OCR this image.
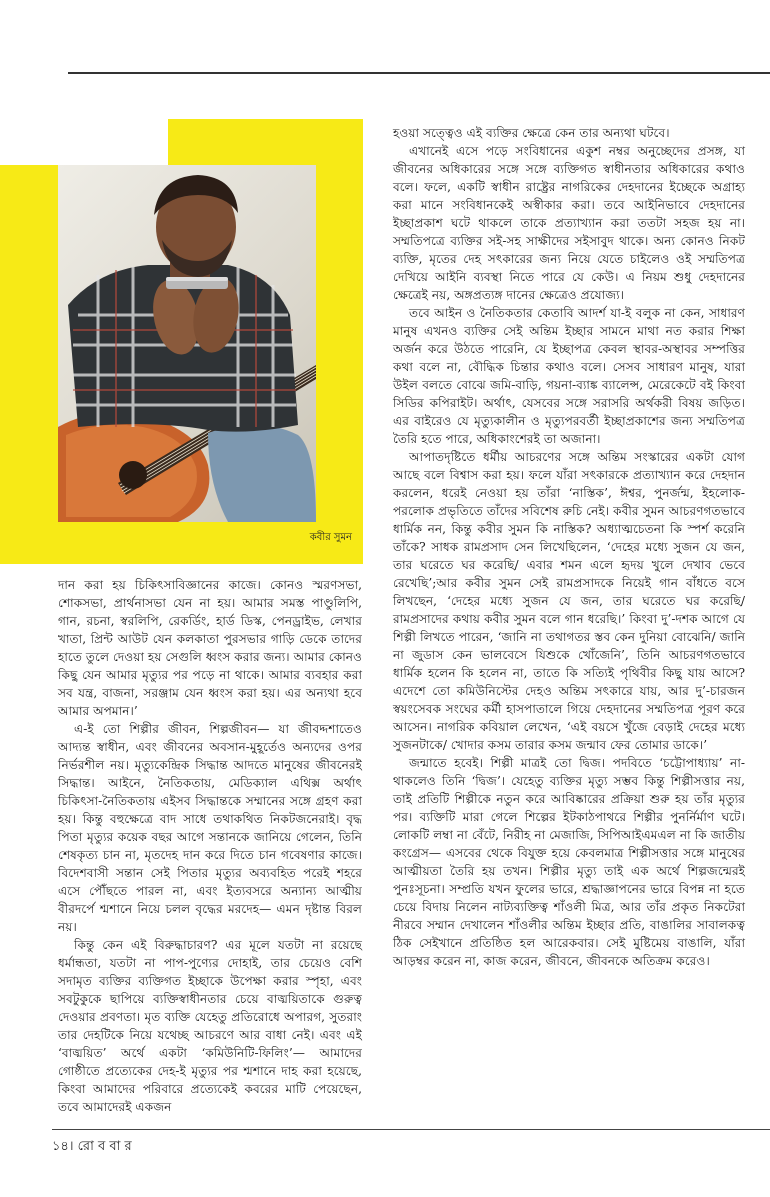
কবীর সুমন

হওয়া সত্ত্বেও এই ব্যক্তির ক্ষেত্রে কেন তার অন্যথা ঘটবে।

এখানেই এসে পড়ে সংবিধানের একুশ নম্বর অনুচ্ছেদের প্রসঙ্গ, যা জীবনের অধিকারের সঙ্গে সঙ্গে ব্যক্তিগত স্বাধীনতার অধিকারের কথাও বলে। ফলে, একটি স্বাধীন রাষ্ট্রের নাগরিকের দেহদানের ইচ্ছেকে অগ্রাহ্য করা মানে সংবিধানকেই অস্বীকার করা। তবে আইনিভাবে দেহদানের ইচ্ছাপ্রকাশ ঘটে থাকলে তাকে প্রত্যাখ্যান করা ততটা সহজ হয় না। সম্মতিপত্রে ব্যক্তির সই-সহ সাক্ষীদের সইসাবুদ থাকে। অন্য কোনও নিকট ব্যক্তি, মৃতের দেহ সৎকারের জন্য নিয়ে যেতে চাইলেও ওই সম্মতিপত্র দেখিয়ে আইনি ব্যবস্থা নিতে পারে যে কেউ। এ নিয়ম শুধু দেহদানের ক্ষেত্রেই নয়, অঙ্গপ্রত্যঙ্গ দানের ক্ষেত্রেও প্রযোজ্য।

তবে আইন ও নৈতিকতার কেতাবি আদর্শ যা-ই বলুক না কেন, সাধারণ মানুষ এখনও ব্যক্তির সেই অন্তিম ইচ্ছার সামনে মাথা নত করার শিক্ষা অর্জন করে উঠতে পারেনি, যে ইচ্ছাপত্র কেবল স্থাবর-অস্থাবর সম্পত্তির কথা বলে না, বৌদ্ধিক চিন্তার কথাও বলে। সেসব সাধারণ মানুষ, যারা উইল বলতে বোঝে জমি-বাড়ি, গয়না-ব্যাঙ্ক ব্যালেন্স, মেরেকেটে বই কিংবা সিডির কপিরাইট। অর্থাৎ, যেসবের সঙ্গে সরাসরি অর্থকরী বিষয় জড়িত। এর বাইরেও যে মৃত্যুকালীন ও মৃত্যুপরবর্তী ইচ্ছাপ্রকাশের জন্য সম্মতিপত্র তৈরি হতে পারে, অধিকাংশেরই তা অজানা।

আপাতদৃষ্টিতে ধর্মীয় আচরণের সঙ্গে অন্তিম সংস্কারের একটা যোগ আছে বলে বিশ্বাস করা হয়। ফলে যাঁরা সৎকারকে প্রত্যাখ্যান করে দেহদান করলেন, ধরেই নেওয়া হয় তাঁরা ‘নাস্তিক’, ঈশ্বর, পুনর্জন্ম, ইহলোক-পরলোক প্রভৃতিতে তাঁদের সবিশেষ রুচি নেই। কবীর সুমন আচরণগতভাবে ধার্মিক নন, কিন্তু কবীর সুমন কি নাস্তিক? অধ্যাত্মচেতনা কি স্পর্শ করেনি তাঁকে? সাধক রামপ্রসাদ সেন লিখেছিলেন, ‘দেহের মধ্যে সুজন যে জন, তার ঘরেতে ঘর করেছি/ এবার শমন এলে হৃদয় খুলে দেখাব ভেবে রেখেছি’;আর কবীর সুমন সেই রামপ্রসাদকে নিয়েই গান বাঁধতে বসে লিখছেন, ‘দেহের মধ্যে সুজন যে জন, তার ঘরেতে ঘর করেছি/ রামপ্রসাদের কথায় কবীর সুমন বলে গান ধরেছি।’ কিংবা দু’-দশক আগে যে শিল্পী লিখতে পারেন, ‘জানি না তথাগতর স্তব কেন দুনিয়া বোঝেনি/ জানি না জুডাস কেন ভালবেসে যিশুকে খোঁজেনি’, তিনি আচরণগতভাবে ধার্মিক হলেন কি হলেন না, তাতে কি সত্যিই পৃথিবীর কিছু যায় আসে? এদেশে তো কমিউনিস্টের দেহও অন্তিম সৎকারে যায়, আর দু’-চারজন স্বয়ংসেবক সংঘের কর্মী হাসপাতালে গিয়ে দেহদানের সম্মতিপত্র পূরণ করে আসেন। নাগরিক কবিয়াল লেখেন, ‘এই বয়সে খুঁজে বেড়াই দেহের মধ্যে সুজনটাকে/ খোদার কসম তারার কসম জন্মাব ফের তোমার ডাকে।’

জন্মাতে হবেই। শিল্পী মাত্রই তো দ্বিজ। পদবিতে ‘চট্টোপাধ্যায়’ না-থাকলেও তিনি ‘দ্বিজ’। যেহেতু ব্যক্তির মৃত্যু সম্ভব কিন্তু শিল্পীসত্তার নয়, তাই প্রতিটি শিল্পীকে নতুন করে আবিষ্কারের প্রক্রিয়া শুরু হয় তাঁর মৃত্যুর পর। ব্যক্তিটি মারা গেলে শিল্পের ইটকাঠপাথরে শিল্পীর পুনর্নির্মাণ ঘটে। লোকটি লম্বা না বেঁটে, নিরীহ না মেজাজি, সিপিআইএমএল না কি জাতীয় কংগ্রেস— এসবের থেকে বিযুক্ত হয়ে কেবলমাত্র শিল্পীসত্তার সঙ্গে মানুষের আত্মীয়তা তৈরি হয় তখন। শিল্পীর মৃত্যু তাই এক অর্থে শিল্পজন্মেরই পুনঃসূচনা। সম্প্রতি যখন ফুলের ভারে, শ্রদ্ধাজ্ঞাপনের ভারে বিপন্ন না হতে চেয়ে বিদায় নিলেন নাট্যব্যক্তিত্ব শাঁওলী মিত্র, আর তাঁর প্রকৃত নিকটেরা নীরবে সম্মান দেখালেন শাঁওলীর অন্তিম ইচ্ছার প্রতি, বাঙালির সাবালকত্ব ঠিক সেইখানে প্রতিষ্ঠিত হল আরেকবার। সেই মুষ্টিমেয় বাঙালি, যাঁরা আড়ম্বর করেন না, কাজ করেন, জীবনে, জীবনকে অতিক্রম করেও।

দান করা হয় চিকিৎসাবিজ্ঞানের কাজে। কোনও স্মরণসভা, শোকসভা, প্রার্থনাসভা যেন না হয়। আমার সমস্ত পাণ্ডুলিপি, গান, রচনা, স্বরলিপি, রেকর্ডিং, হার্ড ডিস্ক, পেনড্রাইভ, লেখার খাতা, প্রিন্ট আউট যেন কলকাতা পুরসভার গাড়ি ডেকে তাদের হাতে তুলে দেওয়া হয় সেগুলি ধ্বংস করার জন্য। আমার কোনও কিছু যেন আমার মৃত্যুর পর পড়ে না থাকে। আমার ব্যবহার করা সব যন্ত্র, বাজনা, সরঞ্জাম যেন ধ্বংস করা হয়। এর অন্যথা হবে আমার অপমান।’

এ-ই তো শিল্পীর জীবন, শিল্পজীবন— যা জীবদ্দশাতেও আদ্যন্ত স্বাধীন, এবং জীবনের অবসান-মুহূর্তেও অন্যদের ওপর নির্ভরশীল নয়। মৃত্যুকেন্দ্রিক সিদ্ধান্ত আদতে মানুষের জীবনেরই সিদ্ধান্ত। আইনে, নৈতিকতায়, মেডিক্যাল এথিক্স অর্থাৎ চিকিৎসা-নৈতিকতায় এইসব সিদ্ধান্তকে সম্মানের সঙ্গে গ্রহণ করা হয়। কিন্তু বহুক্ষেত্রে বাদ সাধে তথাকথিত নিকটজনেরাই। বৃদ্ধ পিতা মৃত্যুর কয়েক বছর আগে সন্তানকে জানিয়ে গেলেন, তিনি শেষকৃত্য চান না, মৃতদেহ দান করে দিতে চান গবেষণার কাজে। বিদেশবাসী সন্তান সেই পিতার মৃত্যুর অব্যবহিত পরেই শহরে এসে পৌঁছতে পারল না, এবং ইত্যবসরে অন্যান্য আত্মীয় বীরদর্পে শ্মশানে নিয়ে চলল বৃদ্ধের মরদেহ— এমন দৃষ্টান্ত বিরল নয়।

কিন্তু কেন এই বিরুদ্ধাচারণ? এর মূলে যতটা না রয়েছে ধর্মান্ধতা, যতটা না পাপ-পুণ্যের দোহাই, তার চেয়েও বেশি সদামৃত ব্যক্তির ব্যক্তিগত ইচ্ছাকে উপেক্ষা করার স্পৃহা, এবং সবটুকুকে ছাপিয়ে ব্যক্তিস্বাধীনতার চেয়ে বাঙ্ময়িতাকে গুরুত্ব দেওয়ার প্রবণতা। মৃত ব্যক্তি যেহেতু প্রতিরোধে অপারগ, সুতরাং তার দেহটিকে নিয়ে যথেচ্ছ আচরণে আর বাধা নেই। এবং এই ‘বাঙ্ময়িত’ অর্থে একটা ‘কমিউনিটি-ফিলিং’— আমাদের গোষ্ঠীতে প্রত্যেকের দেহ-ই মৃত্যুর পর শ্মশানে দাহ করা হয়েছে, কিংবা আমাদের পরিবারে প্রত্যেকেই কবরের মাটি পেয়েছেন, তবে আমাদেরই একজন

১৪। রো ব বা র
